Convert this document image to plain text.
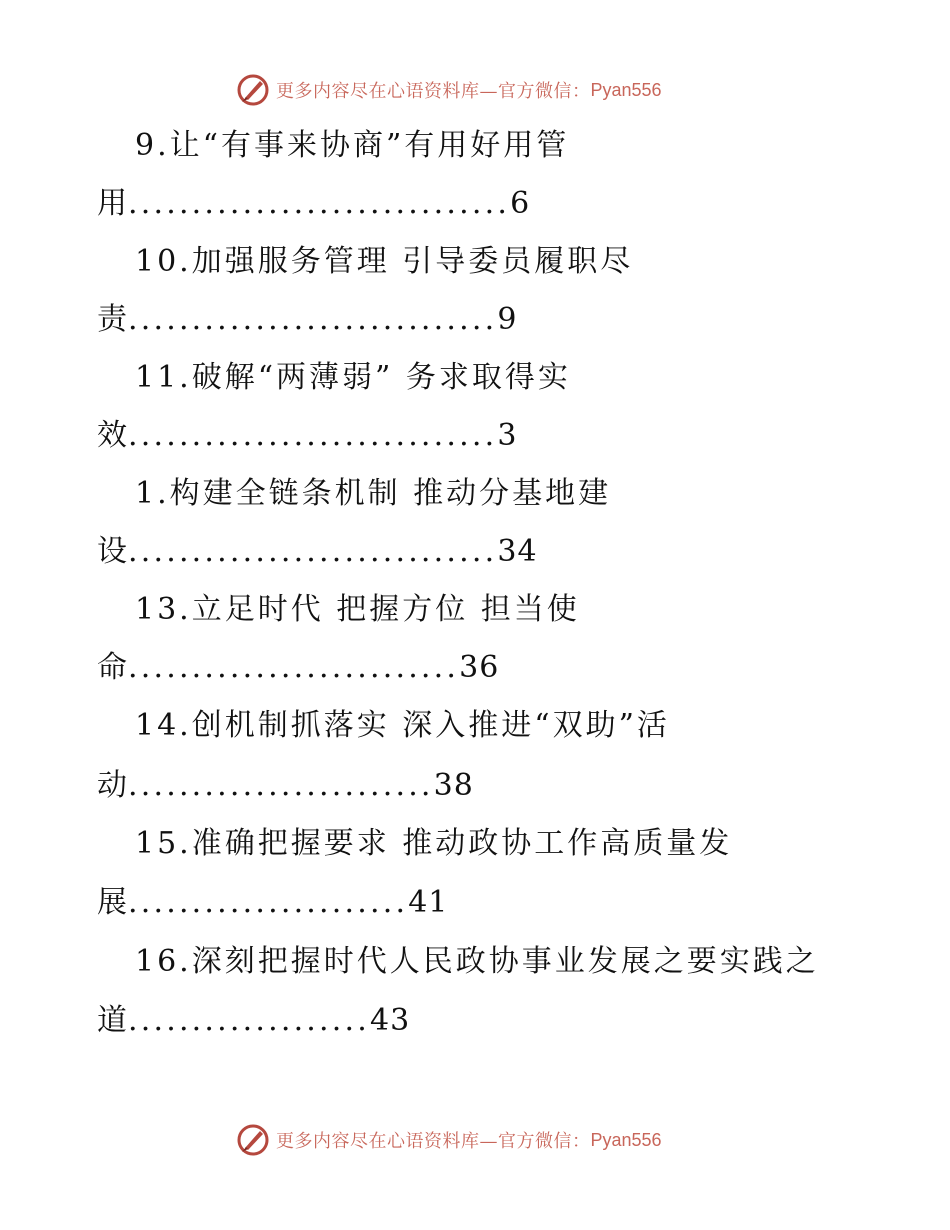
更多内容尽在心语资料库—官方微信： Pyan556
9.让“有事来协商”有用好用管
用..............................6
10.加强服务管理 引导委员履职尽
责.............................9
11.破解“两薄弱” 务求取得实
效.............................3
1.构建全链条机制 推动分基地建
设.............................34
13.立足时代 把握方位 担当使
命..........................36
14.创机制抓落实 深入推进“双助”活
动........................38
15.准确把握要求 推动政协工作高质量发
展......................41
16.深刻把握时代人民政协事业发展之要实践之
道...................43
更多内容尽在心语资料库—官方微信： Pyan556
